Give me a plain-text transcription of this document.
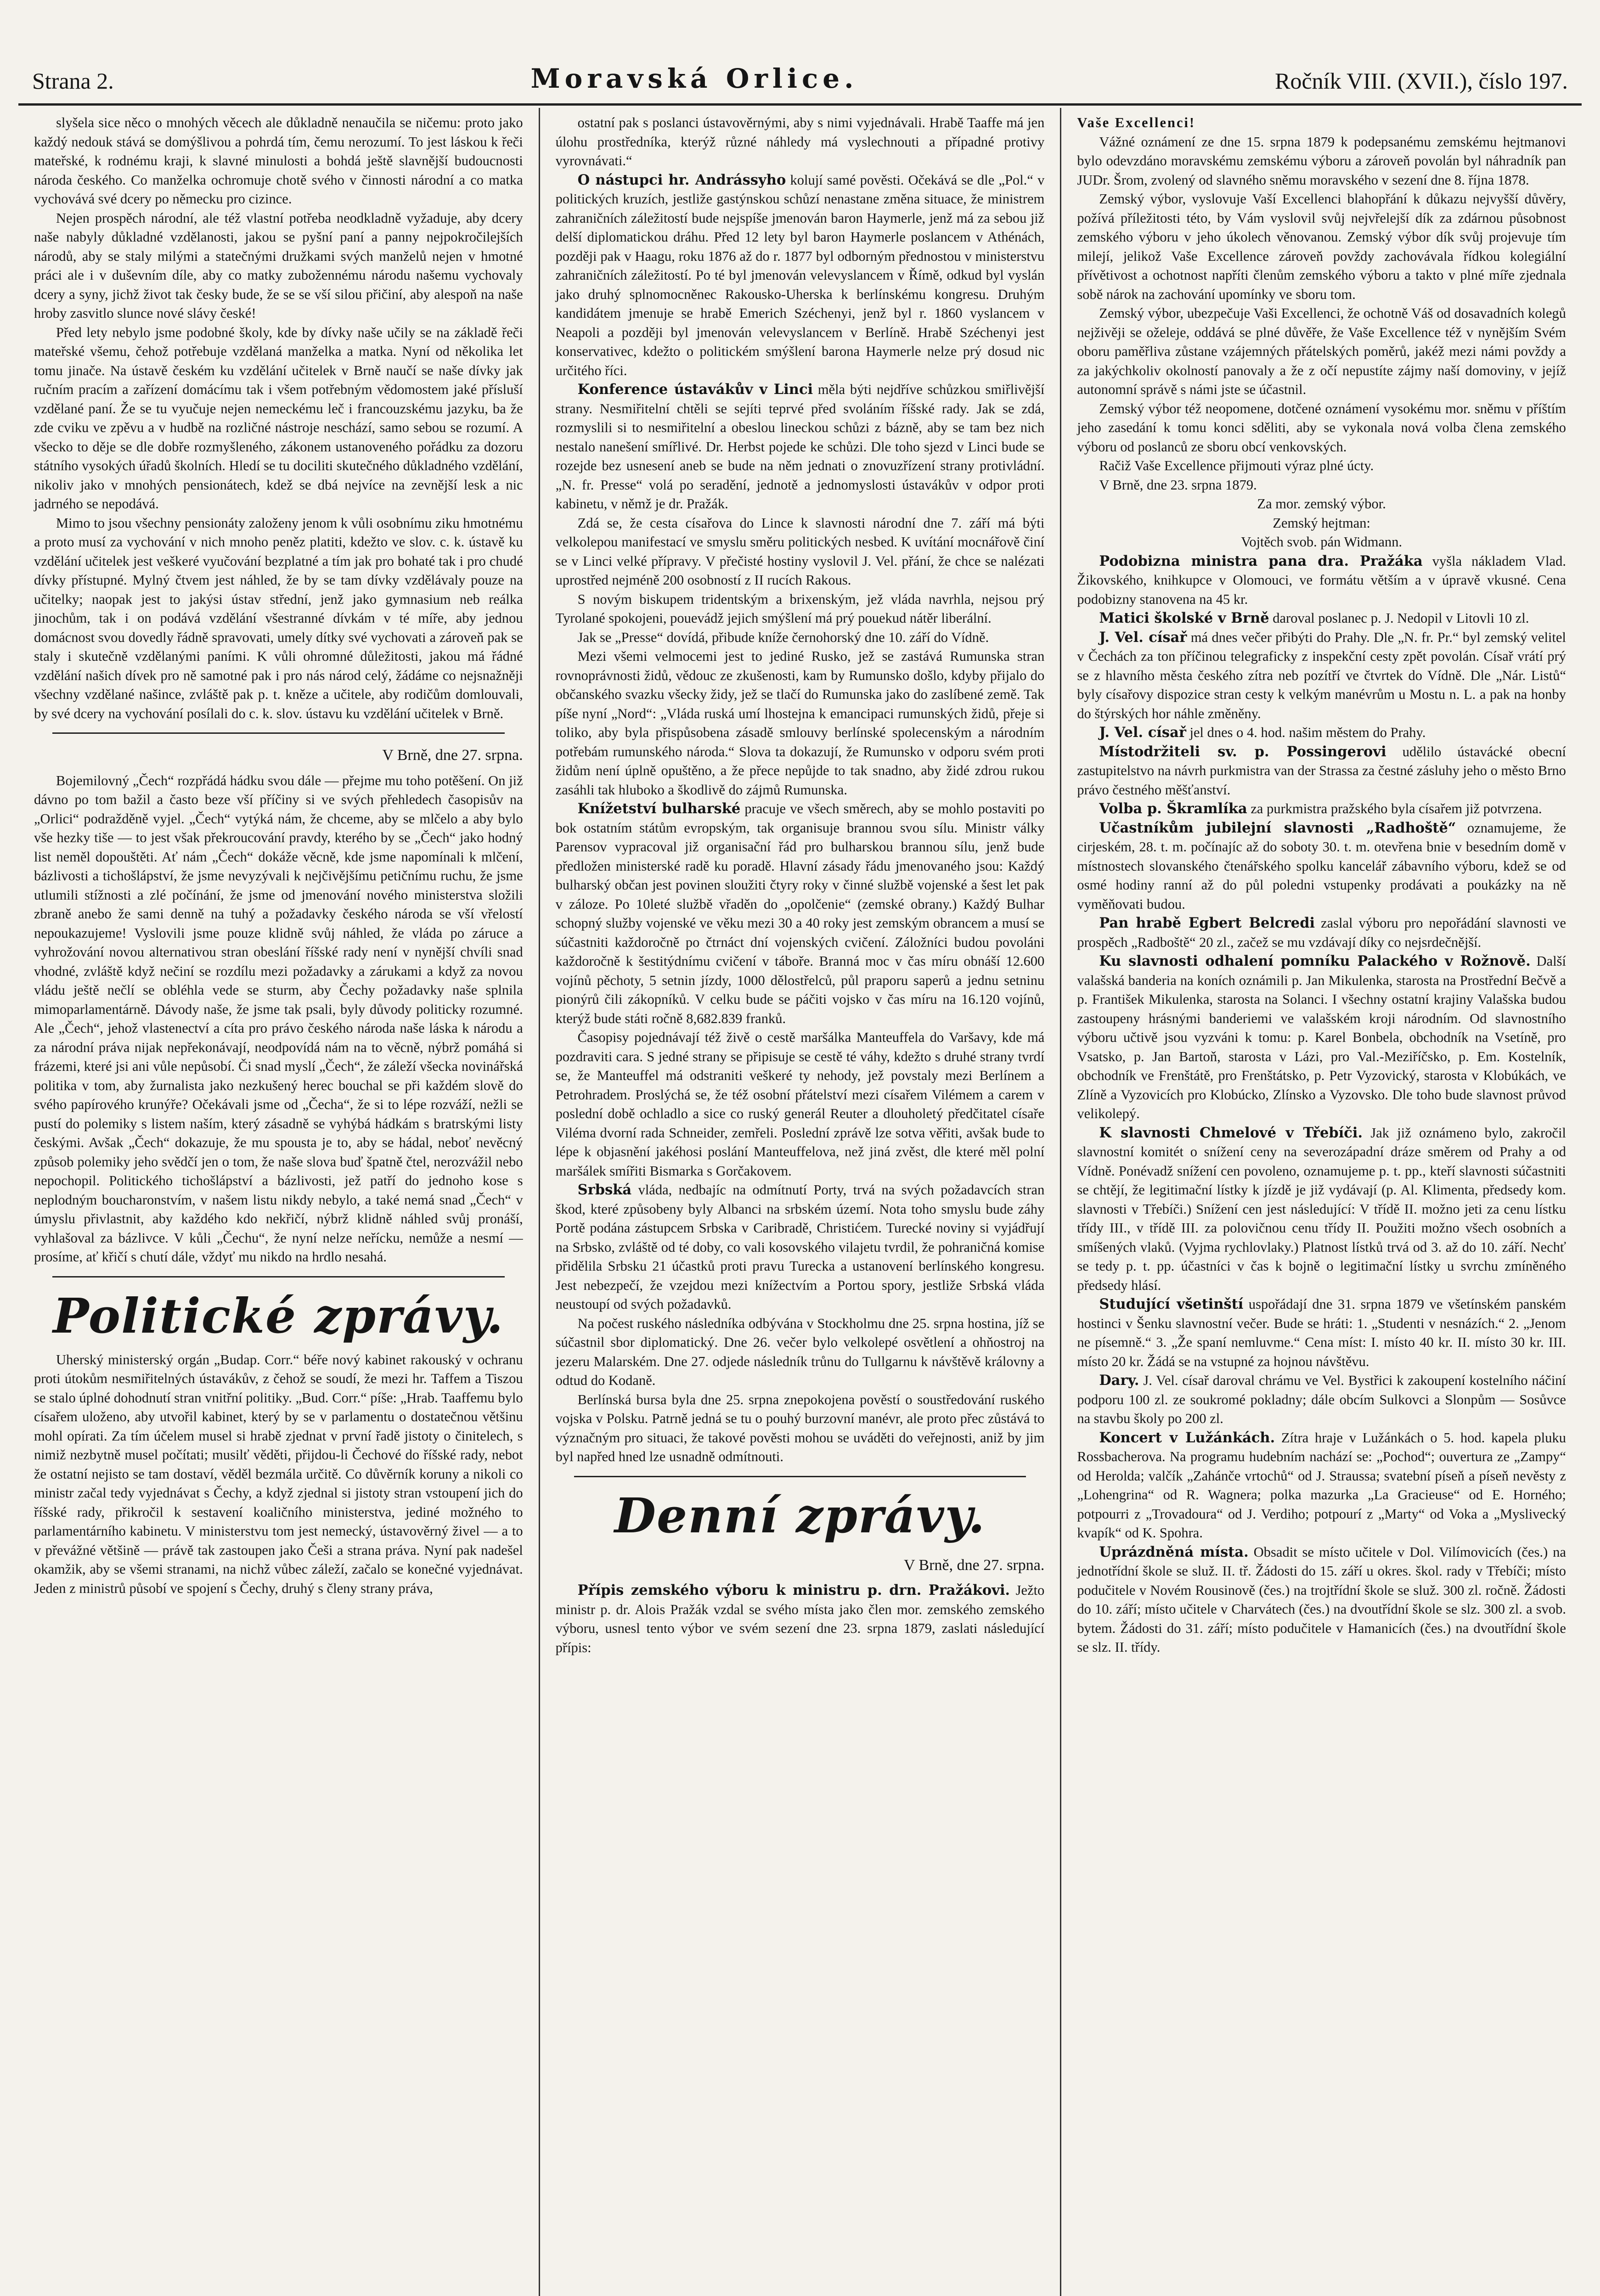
Strana 2.	Moravská Orlice.	Ročník VIII. (XVII.), číslo 197.

slyšela sice něco o mnohých věcech ale důkladně nenaučila se ničemu: proto jako každý nedouk stává se domýšlivou a pohrdá tím, čemu nerozumí. To jest láskou k řeči mateřské, k rodnému kraji, k slavné minulosti a bohdá ještě slavnější budoucnosti národa českého. Co manželka ochromuje chotě svého v činnosti národní a co matka vychovává své dcery po německu pro cizince.

Nejen prospěch národní, ale též vlastní potřeba neodkladně vyžaduje, aby dcery naše nabyly důkladné vzdělanosti, jakou se pyšní paní a panny nejpokročilejších národů, aby se staly milými a statečnými družkami svých manželů nejen v hmotné práci ale i v duševním díle, aby co matky zubožennému národu našemu vychovaly dcery a syny, jichž život tak česky bude, že se se vší silou přičiní, aby alespoň na naše hroby zasvitlo slunce nové slávy české!

Před lety nebylo jsme podobné školy, kde by dívky naše učily se na základě řeči mateřské všemu, čehož potřebuje vzdělaná manželka a matka. Nyní od několika let tomu jinače. Na ústavě českém ku vzdělání učitelek v Brně naučí se naše dívky jak ručním pracím a zařízení domácímu tak i všem potřebným vědomostem jaké přísluší vzdělané paní. Že se tu vyučuje nejen nemeckému leč i francouzskému jazyku, ba že zde cviku ve zpěvu a v hudbě na rozličné nástroje neschází, samo sebou se rozumí. A všecko to děje se dle dobře rozmyšleného, zákonem ustanoveného pořádku za dozoru státního vysokých úřadů školních. Hledí se tu dociliti skutečného důkladného vzdělání, nikoliv jako v mnohých pensionátech, kdež se dbá nejvíce na zevnější lesk a nic jadrného se nepodává.

Mimo to jsou všechny pensionáty založeny jenom k vůli osobnímu ziku hmotnému a proto musí za vychování v nich mnoho peněz platiti, kdežto ve slov. c. k. ústavě ku vzdělání učitelek jest veškeré vyučování bezplatné a tím jak pro bohaté tak i pro chudé dívky přístupné. Mylný čtvem jest náhled, že by se tam dívky vzdělávaly pouze na učitelky; naopak jest to jakýsi ústav střední, jenž jako gymnasium neb reálka jinochům, tak i on podává vzdělání všestranné dívkám v té míře, aby jednou domácnost svou dovedly řádně spravovati, umely dítky své vychovati a zároveň pak se staly i skutečně vzdělanými paními. K vůli ohromné důležitosti, jakou má řádné vzdělání našich dívek pro ně samotné pak i pro nás národ celý, žádáme co nejsnažněji všechny vzdělané našince, zvláště pak p. t. kněze a učitele, aby rodičům domlouvali, by své dcery na vychování posílali do c. k. slov. ústavu ku vzdělání učitelek v Brně.

V Brně, dne 27. srpna.

Bojemilovný „Čech“ rozpřádá hádku svou dále — přejme mu toho potěšení. On již dávno po tom bažil a často beze vší příčiny si ve svých přehledech časopisův na „Orlici“ podražděně vyjel. „Čech“ vytýká nám, že chceme, aby se mlčelo a aby bylo vše hezky tiše — to jest však překroucování pravdy, kterého by se „Čech“ jako hodný list neměl dopouštěti. Ať nám „Čech“ dokáže věcně, kde jsme napomínali k mlčení, bázlivosti a tichošlápství, že jsme nevyzývali k nejčivějšímu petičnímu ruchu, že jsme utlumili stížnosti a zlé počínání, že jsme od jmenování nového ministerstva složili zbraně anebo že sami denně na tuhý a požadavky českého národa se vší vřelostí nepoukazujeme! Vyslovili jsme pouze klidně svůj náhled, že vláda po záruce a vyhrožování novou alternativou stran obeslání říšské rady není v nynější chvíli snad vhodné, zvláště když nečiní se rozdílu mezi požadavky a zárukami a když za novou vládu ještě nečlí se obléhla vede se sturm, aby Čechy požadavky naše splnila mimoparlamentárně. Dávody naše, že jsme tak psali, byly důvody politicky rozumné. Ale „Čech“, jehož vlastenectví a cíta pro právo českého národa naše láska k národu a za národní práva nijak nepřekonávají, neodpovídá nám na to věcně, nýbrž pomáhá si frázemi, které jsi ani vůle nepůsobí. Či snad myslí „Čech“, že záleží všecka novinářská politika v tom, aby žurnalista jako nezkušený herec bouchal se při každém slově do svého papírového krunýře? Očekávali jsme od „Čecha“, že si to lépe rozváží, nežli se pustí do polemiky s listem naším, který zásadně se vyhýbá hádkám s bratrskými listy českými. Avšak „Čech“ dokazuje, že mu spousta je to, aby se hádal, neboť nevěcný způsob polemiky jeho svědčí jen o tom, že naše slova buď špatně čtel, nerozvážil nebo nepochopil. Politického tichošlápství a bázlivosti, jež patří do jednoho kose s neplodným boucharonstvím, v našem listu nikdy nebylo, a také nemá snad „Čech“ v úmyslu přivlastnit, aby každého kdo nekřičí, nýbrž klidně náhled svůj pronáší, vyhlašoval za bázlivce. V kůli „Čechu“, že nyní nelze neřícku, nemůže a nesmí — prosíme, ať křičí s chutí dále, vždyť mu nikdo na hrdlo nesahá.

Politické zprávy.

Uherský ministerský orgán „Budap. Corr.“ béře nový kabinet rakouský v ochranu proti útokům nesmiřitelných ústavákův, z čehož se soudí, že mezi hr. Taffem a Tiszou se stalo úplné dohodnutí stran vnitřní politiky. „Bud. Corr.“ píše: „Hrab. Taaffemu bylo císařem uloženo, aby utvořil kabinet, který by se v parlamentu o dostatečnou většinu mohl opírati. Za tím účelem musel si hrabě zjednat v první řadě jistoty o činitelech, s nimiž nezbytně musel počítati; musilť věděti, přijdou-li Čechové do říšské rady, nebot že ostatní nejisto se tam dostaví, věděl bezmála určitě. Co důvěrník koruny a nikoli co ministr začal tedy vyjednávat s Čechy, a když zjednal si jistoty stran vstoupení jich do říšské rady, přikročil k sestavení koaličního ministerstva, jediné možného to parlamentárního kabinetu. V ministerstvu tom jest nemecký, ústavověrný živel — a to v převážné většině — právě tak zastoupen jako Češi a strana práva. Nyní pak nadešel okamžik, aby se všemi stranami, na nichž vůbec záleží, začalo se konečné vyjednávat. Jeden z ministrů působí ve spojení s Čechy, druhý s členy strany práva,

ostatní pak s poslanci ústavověrnými, aby s nimi vyjednávali. Hrabě Taaffe má jen úlohu prostředníka, kterýž různé náhledy má vyslechnouti a případné protivy vyrovnávati.“

O nástupci hr. Andrássyho kolují samé pověsti. Očekává se dle „Pol.“ v politických kruzích, jestliže gastýnskou schůzí nenastane změna situace, že ministrem zahraničních záležitostí bude nejspíše jmenován baron Haymerle, jenž má za sebou již delší diplomatickou dráhu. Před 12 lety byl baron Haymerle poslancem v Athénách, později pak v Haagu, roku 1876 až do r. 1877 byl odborným přednostou v ministerstvu zahraničních záležitostí. Po té byl jmenován velevyslancem v Římě, odkud byl vyslán jako druhý splnomocněnec Rakousko-Uherska k berlínskému kongresu. Druhým kandidátem jmenuje se hrabě Emerich Széchenyi, jenž byl r. 1860 vyslancem v Neapoli a později byl jmenován velevyslancem v Berlíně. Hrabě Széchenyi jest konservativec, kdežto o politickém smýšlení barona Haymerle nelze prý dosud nic určitého říci.

Konference ústavákův v Linci měla býti nejdříve schůzkou smiřlivější strany. Nesmiřitelní chtěli se sejíti teprvé před svoláním říšské rady. Jak se zdá, rozmyslili si to nesmiřitelní a obeslou lineckou schůzi z bázně, aby se tam bez nich nestalo nanešení smířlivé. Dr. Herbst pojede ke schůzi. Dle toho sjezd v Linci bude se rozejde bez usnesení aneb se bude na něm jednati o znovuzřízení strany protivládní. „N. fr. Presse“ volá po seradění, jednotě a jednomyslosti ústavákův v odpor proti kabinetu, v němž je dr. Pražák.

Zdá se, že cesta císařova do Lince k slavnosti národní dne 7. září má býti velkolepou manifestací ve smyslu směru politických nesbed. K uvítání mocnářově činí se v Linci velké přípravy. V přečisté hostiny vyslovil J. Vel. přání, že chce se nalézati uprostřed nejméně 200 osobností z II rucích Rakous.

S novým biskupem tridentským a brixenským, jež vláda navrhla, nejsou prý Tyrolané spokojeni, pouevádž jejich smýšlení má prý pouekud nátěr liberální.

Jak se „Presse“ dovídá, přibude kníže černohorský dne 10. září do Vídně.

Mezi všemi velmocemi jest to jediné Rusko, jež se zastává Rumunska stran rovnoprávnosti židů, vědouc ze zkušenosti, kam by Rumunsko došlo, kdyby přijalo do občanského svazku všecky židy, jež se tlačí do Rumunska jako do zaslíbené země. Tak píše nyní „Nord“: „Vláda ruská umí lhostejna k emancipaci rumunských židů, přeje si toliko, aby byla přispůsobena zásadě smlouvy berlínské spolecenským a národním potřebám rumunského národa.“ Slova ta dokazují, že Rumunsko v odporu svém proti židům není úplně opuštěno, a že přece nepůjde to tak snadno, aby židé zdrou rukou zasáhli tak hluboko a škodlivě do zájmů Rumunska.

Knížetství bulharské pracuje ve všech směrech, aby se mohlo postaviti po bok ostatním státům evropským, tak organisuje brannou svou sílu. Ministr války Parensov vypracoval již organisační řád pro bulharskou brannou sílu, jenž bude předložen ministerské radě ku poradě. Hlavní zásady řádu jmenovaného jsou: Každý bulharský občan jest povinen sloužiti čtyry roky v činné službě vojenské a šest let pak v záloze. Po 10leté službě vřaděn do „opolčenie“ (zemské obrany.) Každý Bulhar schopný služby vojenské ve věku mezi 30 a 40 roky jest zemským obrancem a musí se súčastniti každoročně po čtrnáct dní vojenských cvičení. Záložníci budou povoláni každoročně k šestitýdnímu cvičení v táboře. Branná moc v čas míru obnáší 12.600 vojínů pěchoty, 5 setnin jízdy, 1000 dělostřelců, půl praporu saperů a jednu setninu pionýrů čili zákopníků. V celku bude se páčiti vojsko v čas míru na 16.120 vojínů, kterýž bude státi ročně 8,682.839 franků.

Časopisy pojednávají též živě o cestě maršálka Manteuffela do Varšavy, kde má pozdraviti cara. S jedné strany se připisuje se cestě té váhy, kdežto s druhé strany tvrdí se, že Manteuffel má odstraniti veškeré ty nehody, jež povstaly mezi Berlínem a Petrohradem. Proslýchá se, že též osobní přátelství mezi císařem Vilémem a carem v poslední době ochladlo a sice co ruský generál Reuter a dlouholetý předčitatel císaře Viléma dvorní rada Schneider, zemřeli. Poslední zprávě lze sotva věřiti, avšak bude to lépe k objasnění jakéhosi poslání Manteuffelova, než jiná zvěst, dle které měl polní maršálek smířiti Bismarka s Gorčakovem.

Srbská vláda, nedbajíc na odmítnutí Porty, trvá na svých požadavcích stran škod, které způsobeny byly Albanci na srbském území. Nota toho smyslu bude záhy Portě podána zástupcem Srbska v Caribradě, Christićem. Turecké noviny si vyjádřují na Srbsko, zvláště od té doby, co vali kosovského vilajetu tvrdil, že pohraničná komise přidělila Srbsku 21 účastků proti pravu Turecka a ustanovení berlínského kongresu. Jest nebezpečí, že vzejdou mezi knížectvím a Portou spory, jestliže Srbská vláda neustoupí od svých požadavků.

Na počest ruského následníka odbývána v Stockholmu dne 25. srpna hostina, jíž se súčastnil sbor diplomatický. Dne 26. večer bylo velkolepé osvětlení a ohňostroj na jezeru Malarském. Dne 27. odjede následník trůnu do Tullgarnu k návštěvě královny a odtud do Kodaně.

Berlínská bursa byla dne 25. srpna znepokojena pověstí o soustředování ruského vojska v Polsku. Patrně jedná se tu o pouhý burzovní manévr, ale proto přec zůstává to význačným pro situaci, že takové pověsti mohou se uváděti do veřejnosti, aniž by jim byl napřed hned lze usnadně odmítnouti.

Denní zprávy.

V Brně, dne 27. srpna.

Přípis zemského výboru k ministru p. drn. Pražákovi. Ježto ministr p. dr. Alois Pražák vzdal se svého místa jako člen mor. zemského zemského výboru, usnesl tento výbor ve svém sezení dne 23. srpna 1879, zaslati následující přípis:

Vaše Excellenci!

Vážné oznámení ze dne 15. srpna 1879 k podepsanému zemskému hejtmanovi bylo odevzdáno moravskému zemskému výboru a zároveň povolán byl náhradník pan JUDr. Šrom, zvolený od slavného sněmu moravského v sezení dne 8. října 1878.

Zemský výbor, vyslovuje Vaší Excellenci blahopřání k důkazu nejvyšší důvěry, požívá příležitosti této, by Vám vyslovil svůj nejvřelejší dík za zdárnou působnost zemského výboru v jeho úkolech věnovanou. Zemský výbor dík svůj projevuje tím milejí, jelikož Vaše Excellence zároveň povždy zachovávala řídkou kolegiální přívětivost a ochotnost napříti členům zemského výboru a takto v plné míře zjednala sobě nárok na zachování upomínky ve sboru tom.

Zemský výbor, ubezpečuje Vaši Excellenci, že ochotně Váš od dosavadních kolegů nejživěji se oželeje, oddává se plné důvěře, že Vaše Excellence též v nynějším Svém oboru paměřliva zůstane vzájemných přátelských poměrů, jakéž mezi námi povždy a za jakýchkoliv okolností panovaly a že z očí nepustíte zájmy naší domoviny, v jejíž autonomní správě s námi jste se účastnil.

Zemský výbor též neopomene, dotčené oznámení vysokému mor. sněmu v příštím jeho zasedání k tomu konci sděliti, aby se vykonala nová volba člena zemského výboru od poslanců ze sboru obcí venkovských.

Račiž Vaše Excellence přijmouti výraz plné úcty.

V Brně, dne 23. srpna 1879.

Za mor. zemský výbor.

Zemský hejtman:

Vojtěch svob. pán Widmann.

Podobizna ministra pana dra. Pražáka vyšla nákladem Vlad. Žikovského, knihkupce v Olomouci, ve formátu větším a v úpravě vkusné. Cena podobizny stanovena na 45 kr.

Matici školské v Brně daroval poslanec p. J. Nedopil v Litovli 10 zl.

J. Vel. císař má dnes večer přibýti do Prahy. Dle „N. fr. Pr.“ byl zemský velitel v Čechách za ton příčinou telegraficky z inspekční cesty zpět povolán. Císař vrátí prý se z hlavního města českého zítra neb pozítří ve čtvrtek do Vídně. Dle „Nár. Listů“ byly císařovy dispozice stran cesty k velkým manévrům u Mostu n. L. a pak na honby do štýrských hor náhle změněny.

J. Vel. císař jel dnes o 4. hod. našim městem do Prahy.

Místodržiteli sv. p. Possingerovi udělilo ústavácké obecní zastupitelstvo na návrh purkmistra van der Strassa za čestné zásluhy jeho o město Brno právo čestného měšťanství.

Volba p. Škramlíka za purkmistra pražského byla císařem již potvrzena.

Učastníkům jubilejní slavnosti „Radhoště“ oznamujeme, že cirjeském, 28. t. m. počínajíc až do soboty 30. t. m. otevřena bnie v besedním domě v místnostech slovanského čtenářského spolku kancelář zábavního výboru, kdež se od osmé hodiny ranní až do půl poledni vstupenky prodávati a poukázky na ně vyměňovati budou.

Pan hrabě Egbert Belcredi zaslal výboru pro nepořádání slavnosti ve prospěch „Radboště“ 20 zl., začež se mu vzdávají díky co nejsrdečnější.

Ku slavnosti odhalení pomníku Palackého v Rožnově. Další valašská banderia na koních oznámili p. Jan Mikulenka, starosta na Prostřední Bečvě a p. František Mikulenka, starosta na Solanci. I všechny ostatní krajiny Valašska budou zastoupeny hrásnými banderiemi ve valašském kroji národním. Od slavnostního výboru učtivě jsou vyzváni k tomu: p. Karel Bonbela, obchodník na Vsetíně, pro Vsatsko, p. Jan Bartoň, starosta v Lázi, pro Val.-Meziříčsko, p. Em. Kostelník, obchodník ve Frenštátě, pro Frenštátsko, p. Petr Vyzovický, starosta v Klobúkách, ve Zlíně a Vyzovicích pro Klobúcko, Zlínsko a Vyzovsko. Dle toho bude slavnost průvod velikolepý.

K slavnosti Chmelové v Třebíči. Jak již oznámeno bylo, zakročil slavnostní komitét o snížení ceny na severozápadní dráze směrem od Prahy a od Vídně. Ponévadž snížení cen povoleno, oznamujeme p. t. pp., kteří slavnosti súčastniti se chtějí, že legitimační lístky k jízdě je již vydávají (p. Al. Klimenta, předsedy kom. slavnosti v Třebíči.) Snížení cen jest následující: V třídě II. možno jeti za cenu lístku třídy III., v třídě III. za polovičnou cenu třídy II. Použiti možno všech osobních a smíšených vlaků. (Vyjma rychlovlaky.) Platnost lístků trvá od 3. až do 10. září. Nechť se tedy p. t. pp. účastníci v čas k bojně o legitimační lístky u svrchu zmíněného předsedy hlásí.

Studující všetinští uspořádají dne 31. srpna 1879 ve všetínském panském hostinci v Šenku slavnostní večer. Bude se hráti: 1. „Studenti v nesnázích.“ 2. „Jenom ne písemně.“ 3. „Že spaní nemluvme.“ Cena míst: I. místo 40 kr. II. místo 30 kr. III. místo 20 kr. Žádá se na vstupné za hojnou návštěvu.

Dary. J. Vel. císař daroval chrámu ve Vel. Bystřici k zakoupení kostelního náčiní podporu 100 zl. ze soukromé pokladny; dále obcím Sulkovci a Slonpům — Sosůvce na stavbu školy po 200 zl.

Koncert v Lužánkách. Zítra hraje v Lužánkách o 5. hod. kapela pluku Rossbacherova. Na programu hudebním nachází se: „Pochod“; ouvertura ze „Zampy“ od Herolda; valčík „Zahánče vrtochů“ od J. Straussa; svatební píseň a píseň nevěsty z „Lohengrina“ od R. Wagnera; polka mazurka „La Gracieuse“ od E. Horného; potpourri z „Trovadoura“ od J. Verdiho; potpourí z „Marty“ od Voka a „Myslivecký kvapík“ od K. Spohra.

Uprázdněná místa. Obsadit se místo učitele v Dol. Vilímovicích (čes.) na jednotřídní škole se služ. II. tř. Žádosti do 15. září u okres. škol. rady v Třebíči; místo podučitele v Novém Rousinově (čes.) na trojtřídní škole se služ. 300 zl. ročně. Žádosti do 10. září; místo učitele v Charvátech (čes.) na dvoutřídní škole se slz. 300 zl. a svob. bytem. Žádosti do 31. září; místo podučitele v Hamanicích (čes.) na dvoutřídní škole se slz. II. třídy.
